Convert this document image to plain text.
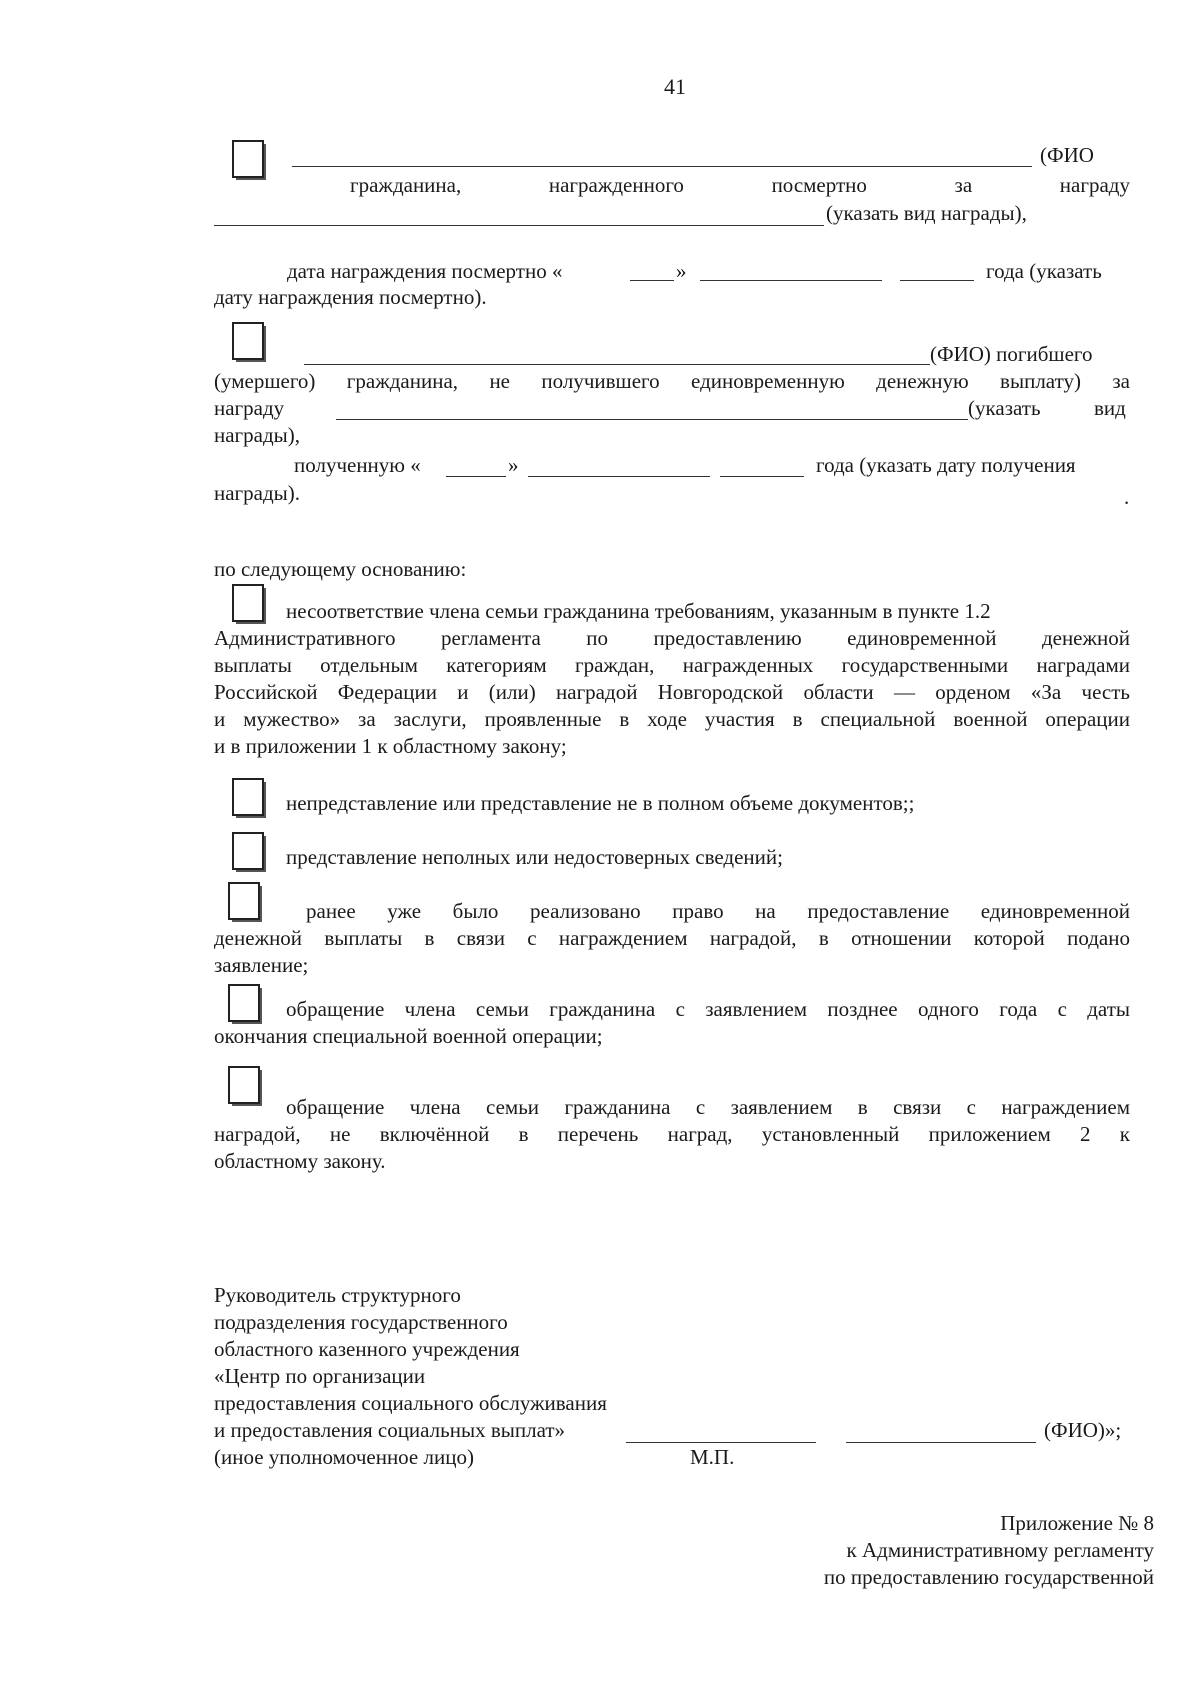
41
(ФИО
гражданина,	награжденного	посмертно	за	награду
(указать вид награды),
дата награждения посмертно «	»	года (указать
дату награждения посмертно).
(ФИО) погибшего
(умершего) гражданина, не получившего единовременную денежную выплату) за
награду	(указать	вид
награды),
полученную «	»	года (указать дату получения
награды).	.
по следующему основанию:
несоответствие члена семьи гражданина требованиям, указанным в пункте 1.2
Административного регламента по предоставлению единовременной денежной
выплаты отдельным категориям граждан, награжденных государственными наградами
Российской Федерации и (или) наградой Новгородской области — орденом «За честь
и мужество» за заслуги, проявленные в ходе участия в специальной военной операции
и в приложении 1 к областному закону;
непредставление или представление не в полном объеме документов;;
представление неполных или недостоверных сведений;
ранее уже было реализовано право на предоставление единовременной
денежной выплаты в связи с награждением наградой, в отношении которой подано
заявление;
обращение члена семьи гражданина с заявлением позднее одного года с даты
окончания специальной военной операции;
обращение члена семьи гражданина с заявлением в связи с награждением
наградой, не включённой в перечень наград, установленный приложением 2 к
областному закону.
Руководитель структурного
подразделения государственного
областного казенного учреждения
«Центр по организации
предоставления социального обслуживания
и предоставления социальных выплат»	(ФИО)»;
(иное уполномоченное лицо)	М.П.
Приложение № 8
к Административному регламенту
по предоставлению государственной
